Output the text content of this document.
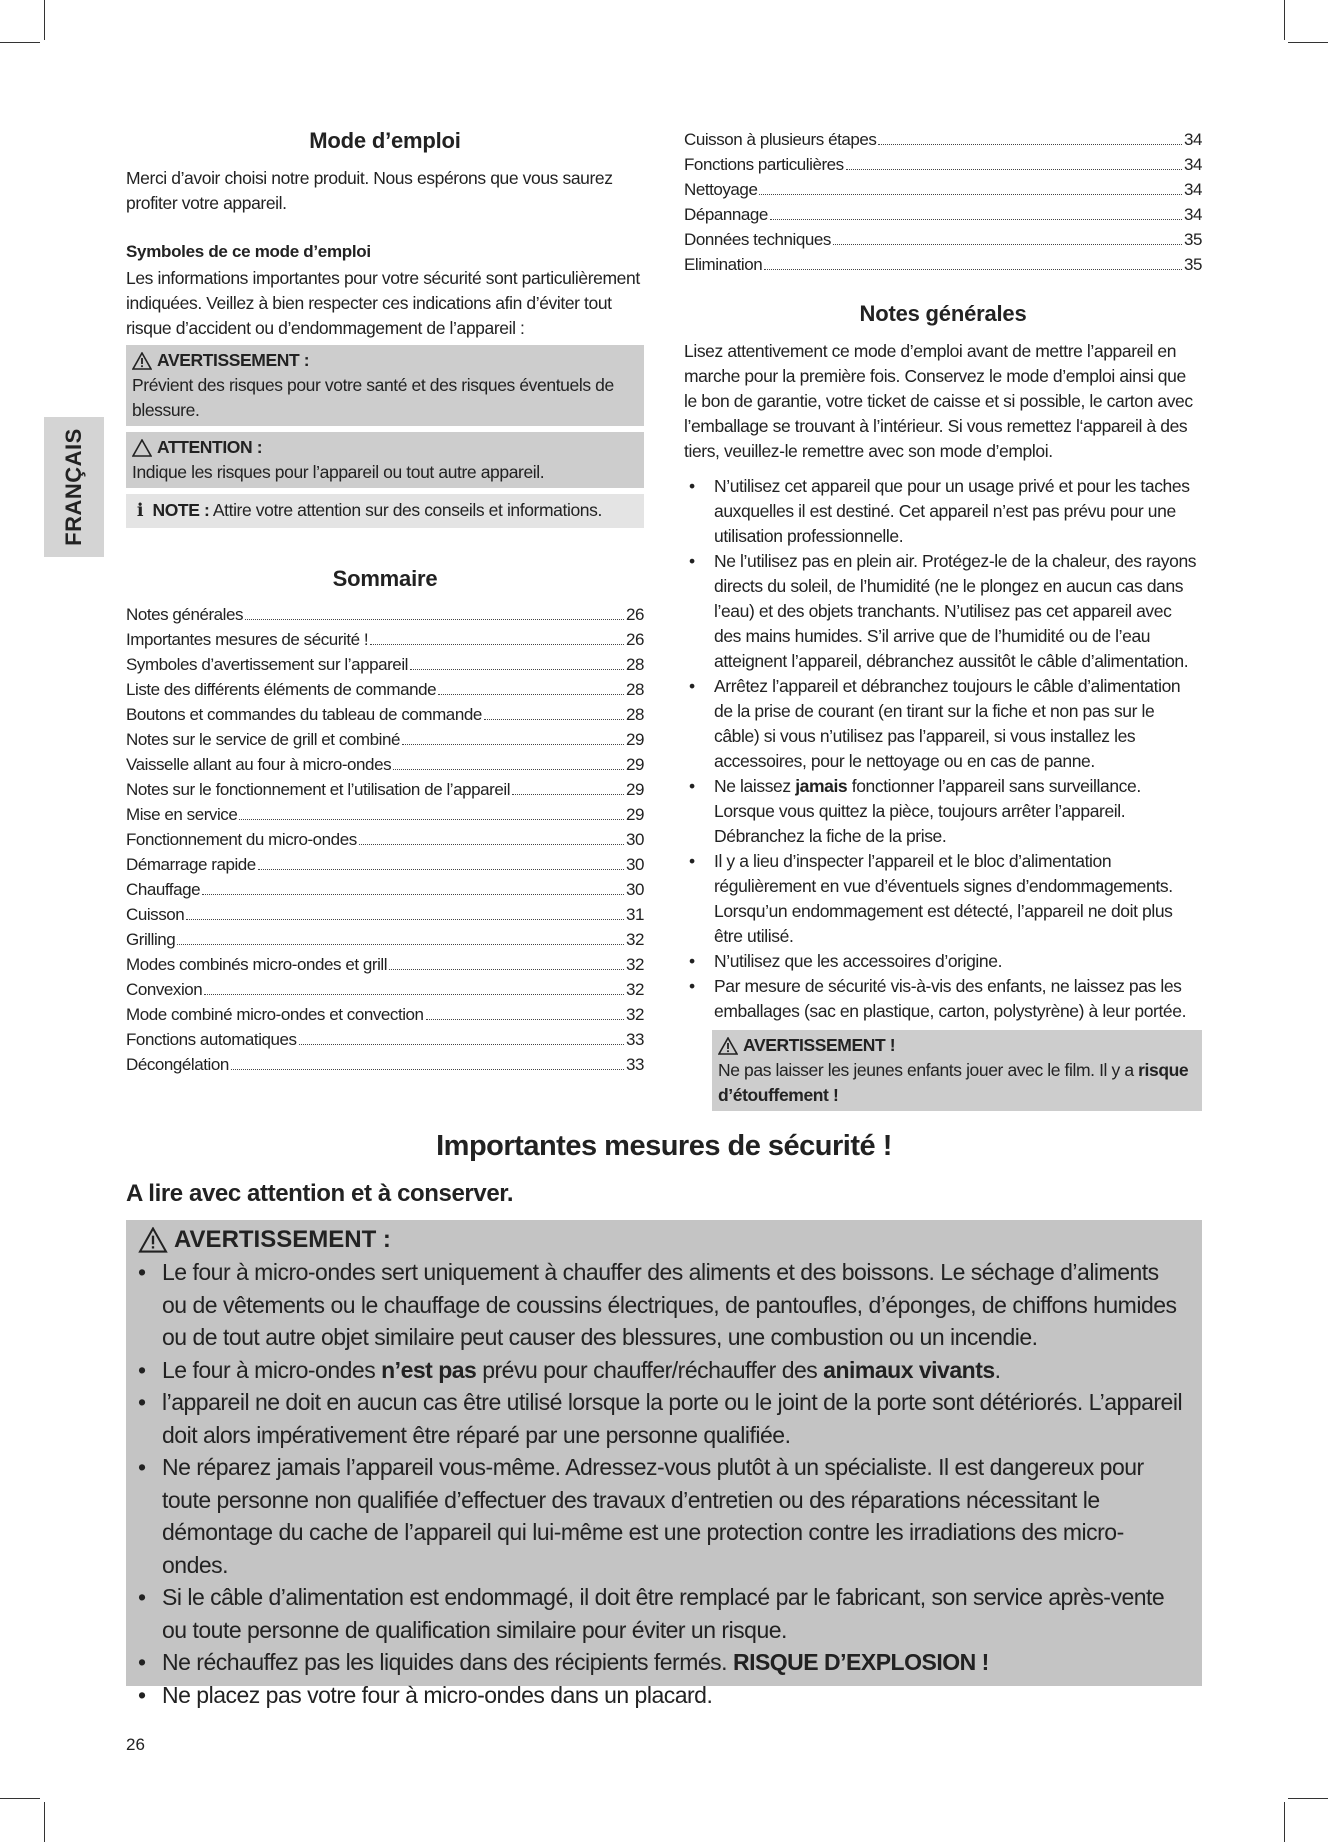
FRANÇAIS
Mode d’emploi

Merci d’avoir choisi notre produit. Nous espérons que vous saurez profiter votre appareil.

Symboles de ce mode d’emploi

Les informations importantes pour votre sécurité sont particulièrement indiquées. Veillez à bien respecter ces indications afin d’éviter tout risque d’accident ou d’endommagement de l’appareil :

AVERTISSEMENT :

Prévient des risques pour votre santé et des risques éventuels de blessure.

ATTENTION :

Indique les risques pour l’appareil ou tout autre appareil.

i NOTE : Attire votre attention sur des conseils et informations.
Sommaire
Notes générales	26
Importantes mesures de sécurité !	26
Symboles d’avertissement sur l’appareil	28
Liste des différents éléments de commande	28
Boutons et commandes du tableau de commande	28
Notes sur le service de grill et combiné	29
Vaisselle allant au four à micro-ondes	29
Notes sur le fonctionnement et l’utilisation de l’appareil	29
Mise en service	29
Fonctionnement du micro-ondes	30
Démarrage rapide	30
Chauffage	30
Cuisson	31
Grilling	32
Modes combinés micro-ondes et grill	32
Convexion	32
Mode combiné micro-ondes et convection	32
Fonctions automatiques	33
Décongélation	33
Cuisson à plusieurs étapes	34
Fonctions particulières	34
Nettoyage	34
Dépannage	34
Données techniques	35
Elimination	35
Notes générales

Lisez attentivement ce mode d’emploi avant de mettre l’appareil en marche pour la première fois. Conservez le mode d’emploi ainsi que le bon de garantie, votre ticket de caisse et si possible, le carton avec l’emballage se trouvant à l’intérieur. Si vous remettez l‘appareil à des tiers, veuillez-le remettre avec son mode d’emploi.

• N’utilisez cet appareil que pour un usage privé et pour les taches auxquelles il est destiné. Cet appareil n’est pas prévu pour une utilisation professionnelle.
• Ne l’utilisez pas en plein air. Protégez-le de la chaleur, des rayons directs du soleil, de l’humidité (ne le plongez en aucun cas dans l’eau) et des objets tranchants. N’utilisez pas cet appareil avec des mains humides. S’il arrive que de l’humidité ou de l’eau atteignent l’appareil, débranchez aussitôt le câble d’alimentation.
• Arrêtez l’appareil et débranchez toujours le câble d’alimentation de la prise de courant (en tirant sur la fiche et non pas sur le câble) si vous n’utilisez pas l’appareil, si vous installez les accessoires, pour le nettoyage ou en cas de panne.
• Ne laissez jamais fonctionner l’appareil sans surveillance. Lorsque vous quittez la pièce, toujours arrêter l’appareil. Débranchez la fiche de la prise.
• Il y a lieu d’inspecter l’appareil et le bloc d’alimentation régulièrement en vue d’éventuels signes d’endommagements. Lorsqu’un endommagement est détecté, l’appareil ne doit plus être utilisé.
• N’utilisez que les accessoires d’origine.
• Par mesure de sécurité vis-à-vis des enfants, ne laissez pas les emballages (sac en plastique, carton, polystyrène) à leur portée.
AVERTISSEMENT !

Ne pas laisser les jeunes enfants jouer avec le film. Il y a risque d’étouffement !

Importantes mesures de sécurité !
A lire avec attention et à conserver.
AVERTISSEMENT :
• Le four à micro-ondes sert uniquement à chauffer des aliments et des boissons. Le séchage d’aliments ou de vêtements ou le chauffage de coussins électriques, de pantoufles, d’éponges, de chiffons humides ou de tout autre objet similaire peut causer des blessures, une combustion ou un incendie.
• Le four à micro-ondes n’est pas prévu pour chauffer/réchauffer des animaux vivants.
• l’appareil ne doit en aucun cas être utilisé lorsque la porte ou le joint de la porte sont détériorés. L’appareil doit alors impérativement être réparé par une personne qualifiée.
• Ne réparez jamais l’appareil vous-même. Adressez-vous plutôt à un spécialiste. Il est dangereux pour toute personne non qualifiée d’effectuer des travaux d’entretien ou des réparations nécessitant le démontage du cache de l’appareil qui lui-même est une protection contre les irradiations des micro-ondes.
• Si le câble d’alimentation est endommagé, il doit être remplacé par le fabricant, son service après-vente ou toute personne de qualification similaire pour éviter un risque.
• Ne réchauffez pas les liquides dans des récipients fermés. RISQUE D’EXPLOSION !
• Ne placez pas votre four à micro-ondes dans un placard.
26
